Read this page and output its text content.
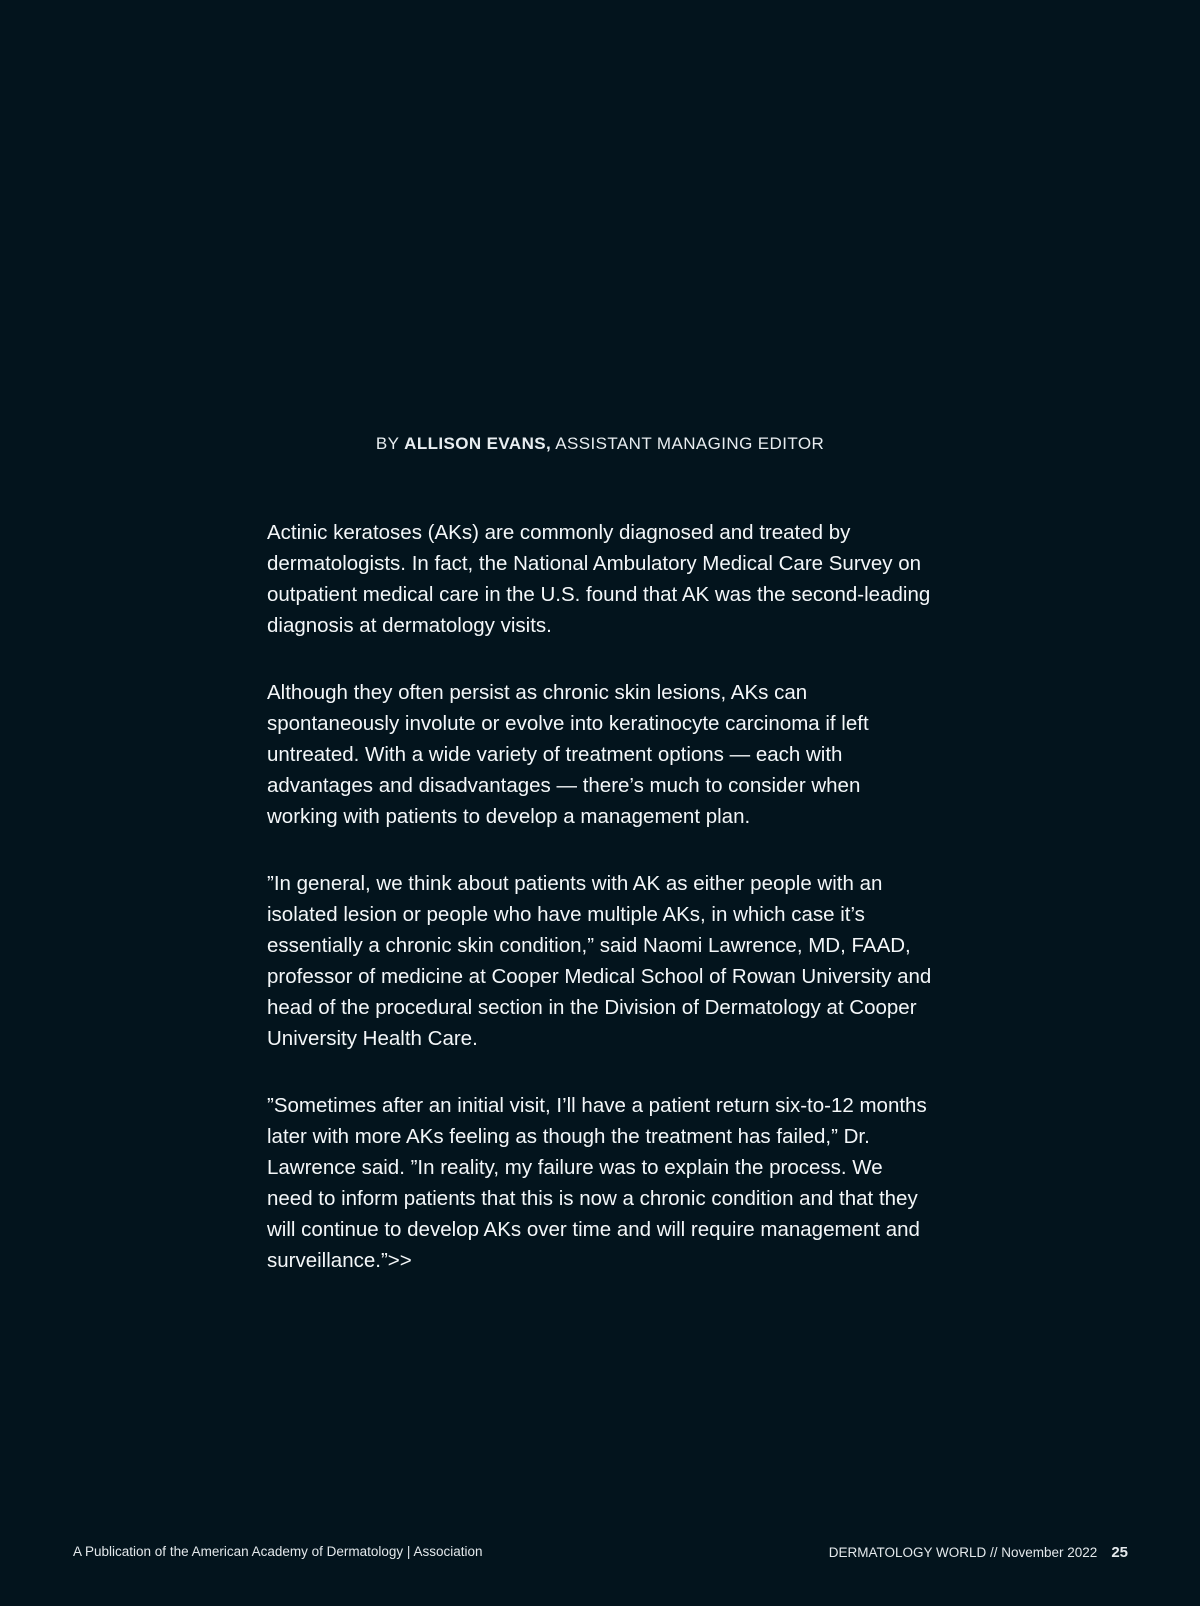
BY ALLISON EVANS, ASSISTANT MANAGING EDITOR

Actinic keratoses (AKs) are commonly diagnosed and treated by dermatologists. In fact, the National Ambulatory Medical Care Survey on outpatient medical care in the U.S. found that AK was the second-leading diagnosis at dermatology visits.

Although they often persist as chronic skin lesions, AKs can spontaneously involute or evolve into keratinocyte carcinoma if left untreated. With a wide variety of treatment options — each with advantages and disadvantages — there’s much to consider when working with patients to develop a management plan.

”In general, we think about patients with AK as either people with an isolated lesion or people who have multiple AKs, in which case it’s essentially a chronic skin condition,” said Naomi Lawrence, MD, FAAD, professor of medicine at Cooper Medical School of Rowan University and head of the procedural section in the Division of Dermatology at Cooper University Health Care.

”Sometimes after an initial visit, I’ll have a patient return six-to-12 months later with more AKs feeling as though the treatment has failed,” Dr. Lawrence said. ”In reality, my failure was to explain the process. We need to inform patients that this is now a chronic condition and that they will continue to develop AKs over time and will require management and surveillance.”>>

A Publication of the American Academy of Dermatology | Association	DERMATOLOGY WORLD // November 2022 25
